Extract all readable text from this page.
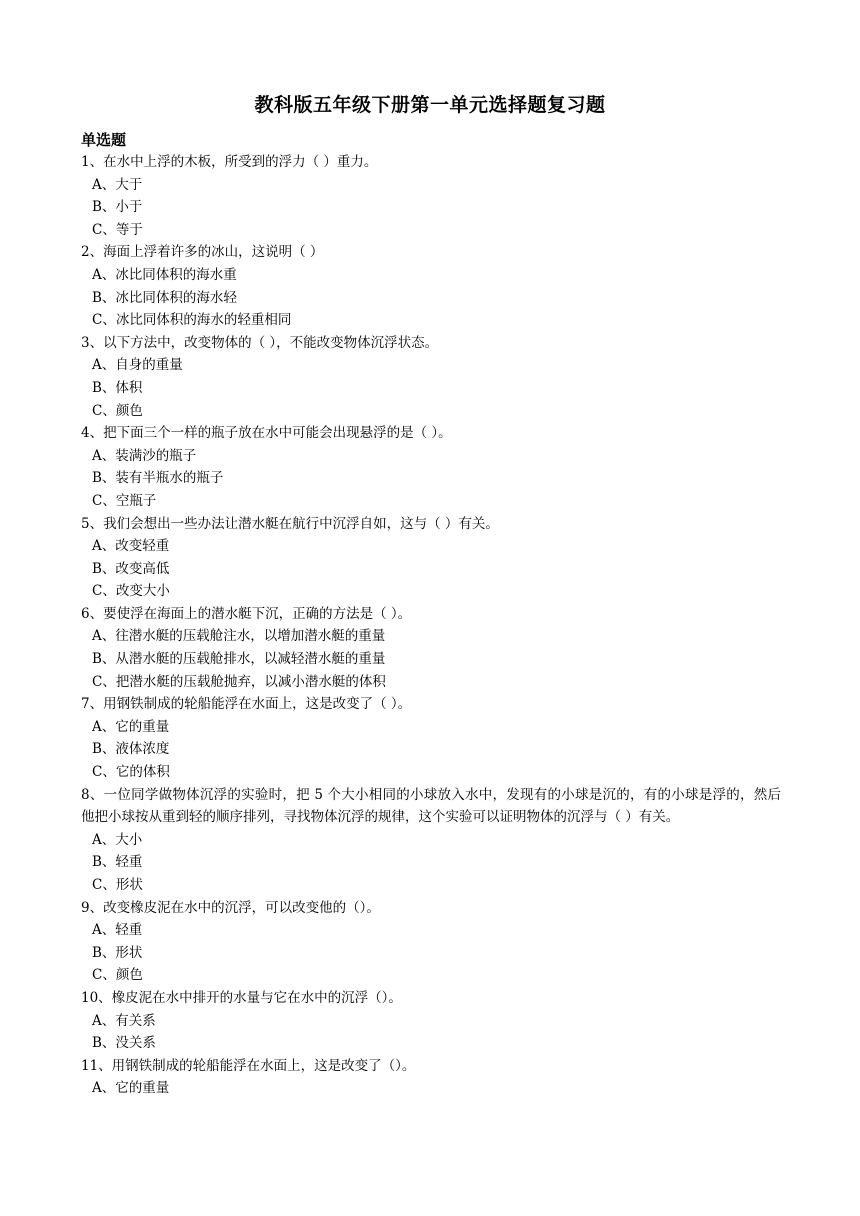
教科版五年级下册第一单元选择题复习题
单选题
1、在水中上浮的木板，所受到的浮力（ ）重力。
A、大于
B、小于
C、等于
2、海面上浮着许多的冰山，这说明（ ）
A、冰比同体积的海水重
B、冰比同体积的海水轻
C、冰比同体积的海水的轻重相同
3、以下方法中，改变物体的（ ），不能改变物体沉浮状态。
A、自身的重量
B、体积
C、颜色
4、把下面三个一样的瓶子放在水中可能会出现悬浮的是（ ）。
A、装满沙的瓶子
B、装有半瓶水的瓶子
C、空瓶子
5、我们会想出一些办法让潜水艇在航行中沉浮自如，这与（ ）有关。
A、改变轻重
B、改变高低
C、改变大小
6、要使浮在海面上的潜水艇下沉，正确的方法是（ ）。
A、往潜水艇的压载舱注水，以增加潜水艇的重量
B、从潜水艇的压载舱排水，以减轻潜水艇的重量
C、把潜水艇的压载舱抛弃，以减小潜水艇的体积
7、用钢铁制成的轮船能浮在水面上，这是改变了（ ）。
A、它的重量
B、液体浓度
C、它的体积
8、一位同学做物体沉浮的实验时，把 5 个大小相同的小球放入水中，发现有的小球是沉的，有的小球是浮的，然后他把小球按从重到轻的顺序排列，寻找物体沉浮的规律，这个实验可以证明物体的沉浮与（ ）有关。
A、大小
B、轻重
C、形状
9、改变橡皮泥在水中的沉浮，可以改变他的（）。
A、轻重
B、形状
C、颜色
10、橡皮泥在水中排开的水量与它在水中的沉浮（）。
A、有关系
B、没关系
11、用钢铁制成的轮船能浮在水面上，这是改变了（）。
A、它的重量
